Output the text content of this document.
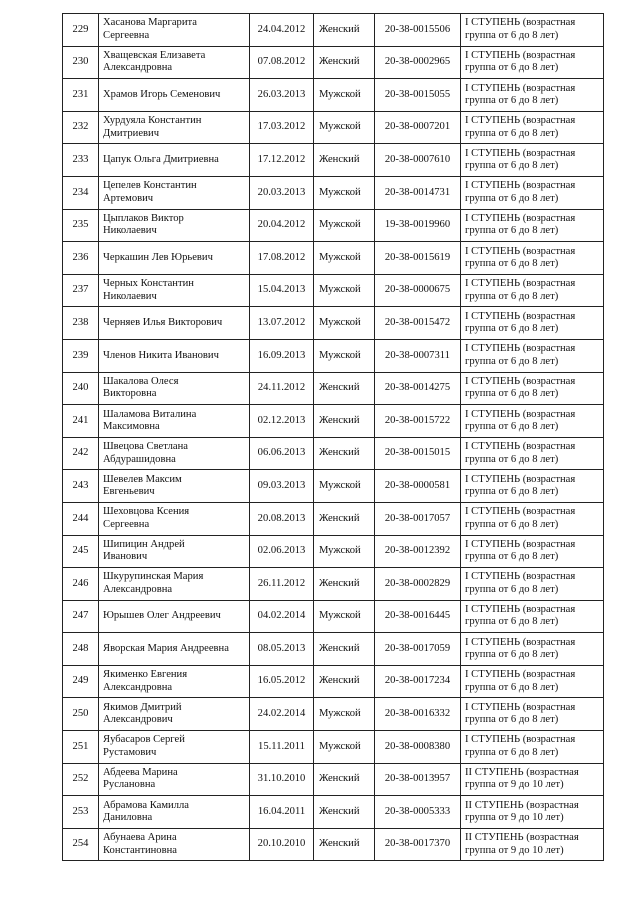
229	Хасанова Маргарита
Сергеевна	24.04.2012	Женский	20-38-0015506	I СТУПЕНЬ (возрастная
группа от 6 до 8 лет)

230	Хващевская Елизавета
Александровна	07.08.2012	Женский	20-38-0002965	I СТУПЕНЬ (возрастная
группа от 6 до 8 лет)

231	Храмов Игорь Семенович	26.03.2013	Мужской	20-38-0015055	I СТУПЕНЬ (возрастная
группа от 6 до 8 лет)

232	Хурдуяла Константин
Дмитриевич	17.03.2012	Мужской	20-38-0007201	I СТУПЕНЬ (возрастная
группа от 6 до 8 лет)

233	Цапук Ольга Дмитриевна	17.12.2012	Женский	20-38-0007610	I СТУПЕНЬ (возрастная
группа от 6 до 8 лет)

234	Цепелев Константин
Артемович	20.03.2013	Мужской	20-38-0014731	I СТУПЕНЬ (возрастная
группа от 6 до 8 лет)

235	Цыплаков Виктор
Николаевич	20.04.2012	Мужской	19-38-0019960	I СТУПЕНЬ (возрастная
группа от 6 до 8 лет)

236	Черкашин Лев Юрьевич	17.08.2012	Мужской	20-38-0015619	I СТУПЕНЬ (возрастная
группа от 6 до 8 лет)

237	Черных Константин
Николаевич	15.04.2013	Мужской	20-38-0000675	I СТУПЕНЬ (возрастная
группа от 6 до 8 лет)

238	Черняев Илья Викторович	13.07.2012	Мужской	20-38-0015472	I СТУПЕНЬ (возрастная
группа от 6 до 8 лет)

239	Членов Никита Иванович	16.09.2013	Мужской	20-38-0007311	I СТУПЕНЬ (возрастная
группа от 6 до 8 лет)

240	Шакалова Олеся
Викторовна	24.11.2012	Женский	20-38-0014275	I СТУПЕНЬ (возрастная
группа от 6 до 8 лет)

241	Шаламова Виталина
Максимовна	02.12.2013	Женский	20-38-0015722	I СТУПЕНЬ (возрастная
группа от 6 до 8 лет)

242	Швецова Светлана
Абдурашидовна	06.06.2013	Женский	20-38-0015015	I СТУПЕНЬ (возрастная
группа от 6 до 8 лет)

243	Шевелев Максим
Евгеньевич	09.03.2013	Мужской	20-38-0000581	I СТУПЕНЬ (возрастная
группа от 6 до 8 лет)

244	Шеховцова Ксения
Сергеевна	20.08.2013	Женский	20-38-0017057	I СТУПЕНЬ (возрастная
группа от 6 до 8 лет)

245	Шипицин Андрей
Иванович	02.06.2013	Мужской	20-38-0012392	I СТУПЕНЬ (возрастная
группа от 6 до 8 лет)

246	Шкурупинская Мария
Александровна	26.11.2012	Женский	20-38-0002829	I СТУПЕНЬ (возрастная
группа от 6 до 8 лет)

247	Юрышев Олег Андреевич	04.02.2014	Мужской	20-38-0016445	I СТУПЕНЬ (возрастная
группа от 6 до 8 лет)

248	Яворская Мария Андреевна	08.05.2013	Женский	20-38-0017059	I СТУПЕНЬ (возрастная
группа от 6 до 8 лет)

249	Якименко Евгения
Александровна	16.05.2012	Женский	20-38-0017234	I СТУПЕНЬ (возрастная
группа от 6 до 8 лет)

250	Якимов Дмитрий
Александрович	24.02.2014	Мужской	20-38-0016332	I СТУПЕНЬ (возрастная
группа от 6 до 8 лет)

251	Яубасаров Сергей
Рустамович	15.11.2011	Мужской	20-38-0008380	I СТУПЕНЬ (возрастная
группа от 6 до 8 лет)

252	Абдеева Марина
Руслановна	31.10.2010	Женский	20-38-0013957	II СТУПЕНЬ (возрастная
группа от 9 до 10 лет)

253	Абрамова Камилла
Даниловна	16.04.2011	Женский	20-38-0005333	II СТУПЕНЬ (возрастная
группа от 9 до 10 лет)

254	Абунаева Арина
Константиновна	20.10.2010	Женский	20-38-0017370	II СТУПЕНЬ (возрастная
группа от 9 до 10 лет)
